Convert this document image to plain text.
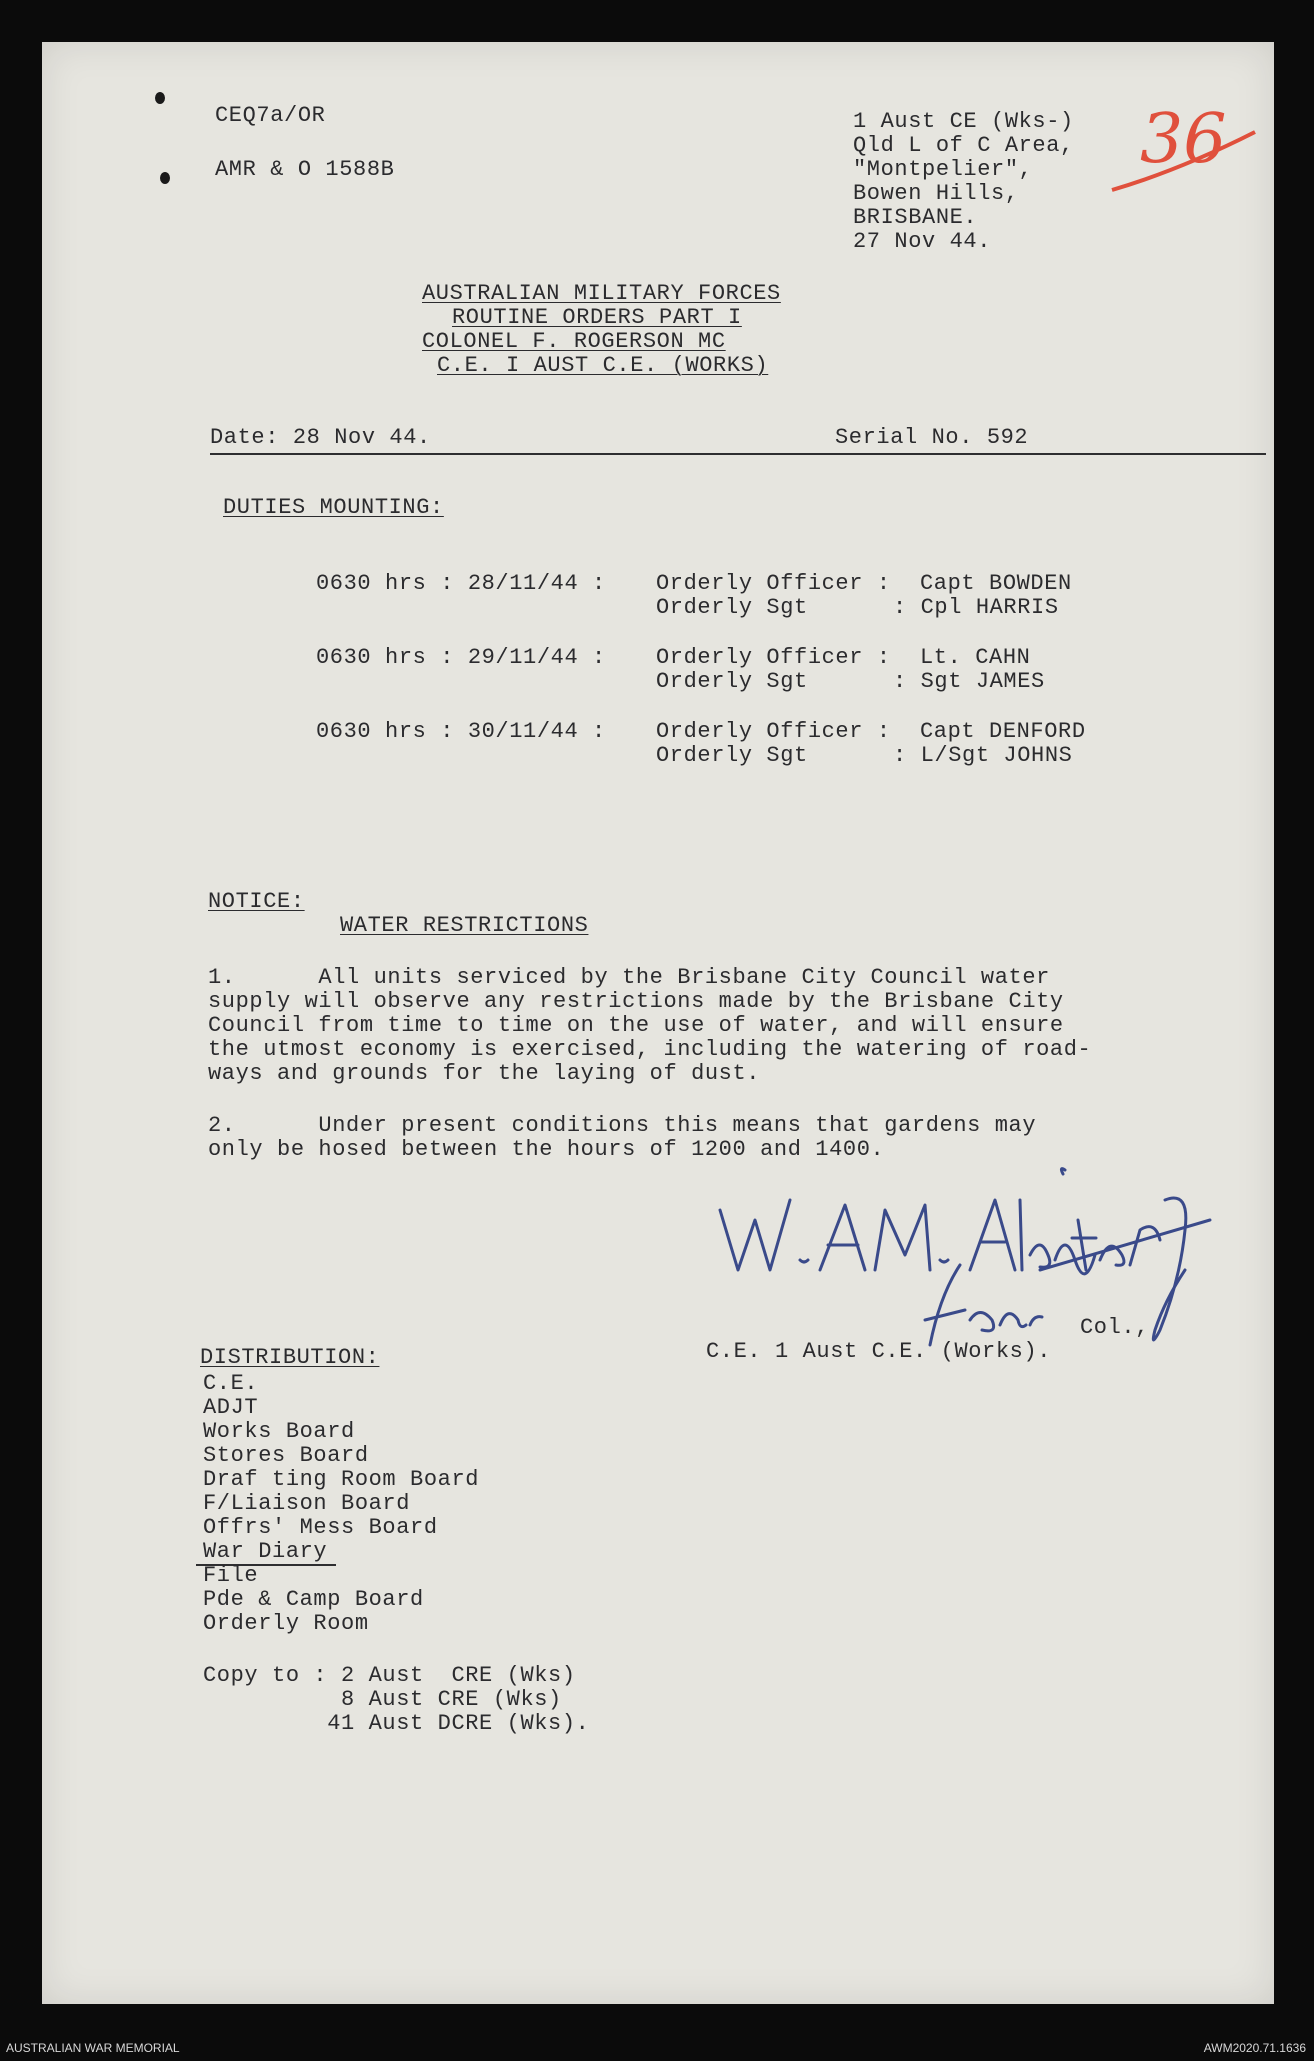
CEQ7a/OR

AMR & O 1588B

1 Aust CE (Wks-)

Qld L of C Area,

"Montpelier",

Bowen Hills,

BRISBANE.

27 Nov 44.

36

AUSTRALIAN MILITARY FORCES

ROUTINE ORDERS PART I

COLONEL F. ROGERSON MC

C.E. I AUST C.E. (WORKS)

Date: 28 Nov 44.	Serial No. 592

DUTIES MOUNTING:

0630 hrs : 28/11/44 : Orderly Officer : Capt BOWDEN

Orderly Sgt	: Cpl HARRIS

0630 hrs : 29/11/44 : Orderly Officer : Lt. CAHN

Orderly Sgt	: Sgt JAMES

0630 hrs : 30/11/44 : Orderly Officer : Capt DENFORD

Orderly Sgt	: L/Sgt JOHNS

NOTICE:

WATER RESTRICTIONS

1.      All units serviced by the Brisbane City Council water

supply will observe any restrictions made by the Brisbane City

Council from time to time on the use of water, and will ensure

the utmost economy is exercised, including the watering of road-

ways and grounds for the laying of dust.

2.      Under present conditions this means that gardens may

only be hosed between the hours of 1200 and 1400.

Col.,

C.E. 1 Aust C.E. (Works).

DISTRIBUTION:

C.E.

ADJT

Works Board

Stores Board

Draf ting Room Board

F/Liaison Board

Offrs' Mess Board

War Diary

File

Pde & Camp Board

Orderly Room

Copy to : 2 Aust  CRE (Wks)

8 Aust CRE (Wks)

41 Aust DCRE (Wks).

AUSTRALIAN WAR MEMORIAL	AWM2020.71.1636
